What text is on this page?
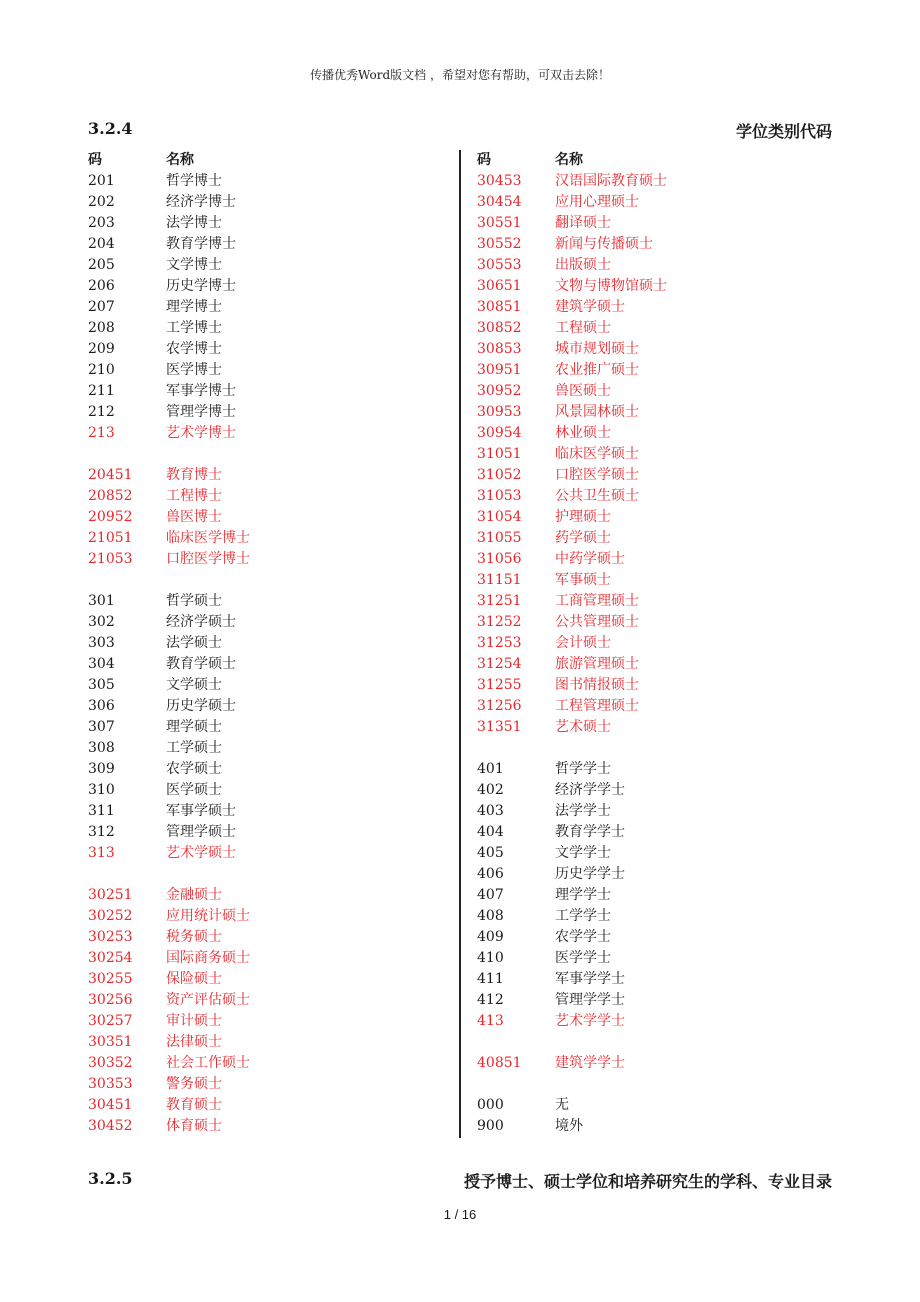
传播优秀Word版文档 ，希望对您有帮助，可双击去除！
3.2.4	学位类别代码
码	名称
201	哲学博士
202	经济学博士
203	法学博士
204	教育学博士
205	文学博士
206	历史学博士
207	理学博士
208	工学博士
209	农学博士
210	医学博士
211	军事学博士
212	管理学博士
213	艺术学博士
20451 教育博士
20852 工程博士
20952 兽医博士
21051 临床医学博士
21053 口腔医学博士
301	哲学硕士
302	经济学硕士
303	法学硕士
304	教育学硕士
305	文学硕士
306	历史学硕士
307	理学硕士
308	工学硕士
309	农学硕士
310	医学硕士
311	军事学硕士
312	管理学硕士
313	艺术学硕士
30251 金融硕士
30252 应用统计硕士
30253 税务硕士
30254 国际商务硕士
30255 保险硕士
30256 资产评估硕士
30257 审计硕士
30351 法律硕士
30352 社会工作硕士
30353 警务硕士
30451 教育硕士
30452 体育硕士
码	名称
30453 汉语国际教育硕士
30454 应用心理硕士
30551 翻译硕士
30552 新闻与传播硕士
30553 出版硕士
30651 文物与博物馆硕士
30851 建筑学硕士
30852 工程硕士
30853 城市规划硕士
30951 农业推广硕士
30952 兽医硕士
30953 风景园林硕士
30954 林业硕士
31051 临床医学硕士
31052 口腔医学硕士
31053 公共卫生硕士
31054 护理硕士
31055 药学硕士
31056 中药学硕士
31151 军事硕士
31251 工商管理硕士
31252 公共管理硕士
31253 会计硕士
31254 旅游管理硕士
31255 图书情报硕士
31256 工程管理硕士
31351 艺术硕士
401	哲学学士
402	经济学学士
403	法学学士
404	教育学学士
405	文学学士
406	历史学学士
407	理学学士
408	工学学士
409	农学学士
410	医学学士
411	军事学学士
412	管理学学士
413	艺术学学士
40851 建筑学学士
000	无
900	境外
3.2.5	授予博士、硕士学位和培养研究生的学科、专业目录
1 / 16
